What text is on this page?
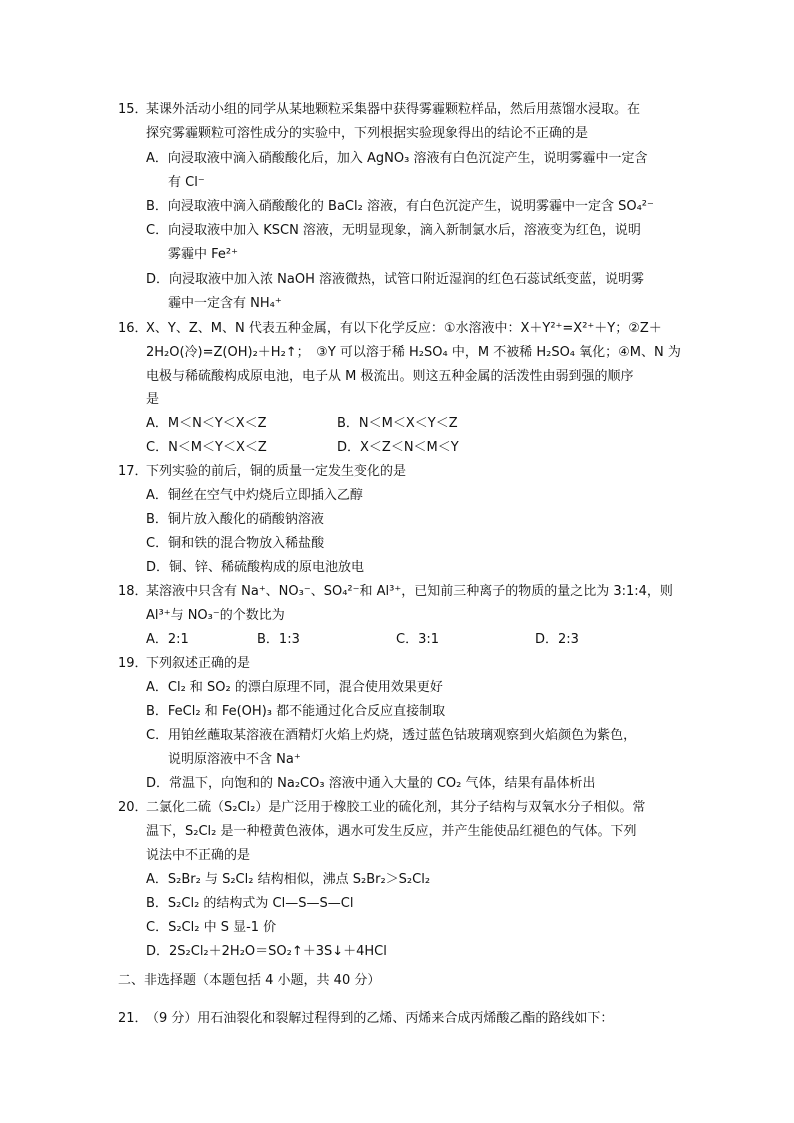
15．
某课外活动小组的同学从某地颗粒采集器中获得雾霾颗粒样品，然后用蒸馏水浸取。在
探究雾霾颗粒可溶性成分的实验中，下列根据实验现象得出的结论不正确的是
A．向浸取液中滴入硝酸酸化后，加入 AgNO₃ 溶液有白色沉淀产生，说明雾霾中一定含
有 Cl⁻
B．向浸取液中滴入硝酸酸化的 BaCl₂ 溶液，有白色沉淀产生，说明雾霾中一定含 SO₄²⁻
C．向浸取液中加入 KSCN 溶液，无明显现象，滴入新制氯水后，溶液变为红色，说明
雾霾中 Fe²⁺
D．向浸取液中加入浓 NaOH 溶液微热，试管口附近湿润的红色石蕊试纸变蓝，说明雾
霾中一定含有 NH₄⁺
16．
X、Y、Z、M、N 代表五种金属，有以下化学反应：①水溶液中：X＋Y²⁺=X²⁺＋Y；②Z＋
2H₂O(冷)=Z(OH)₂＋H₂↑；　③Y 可以溶于稀 H₂SO₄ 中，M 不被稀 H₂SO₄ 氧化；④M、N 为
电极与稀硫酸构成原电池，电子从 M 极流出。则这五种金属的活泼性由弱到强的顺序
是
A．M＜N＜Y＜X＜Z	B．N＜M＜X＜Y＜Z
C．N＜M＜Y＜X＜Z	D．X＜Z＜N＜M＜Y
17．
下列实验的前后，铜的质量一定发生变化的是
A．铜丝在空气中灼烧后立即插入乙醇
B．铜片放入酸化的硝酸钠溶液
C．铜和铁的混合物放入稀盐酸
D．铜、锌、稀硫酸构成的原电池放电
18．
某溶液中只含有 Na⁺、NO₃⁻、SO₄²⁻和 Al³⁺，已知前三种离子的物质的量之比为 3:1:4，则
Al³⁺与 NO₃⁻的个数比为
A．2:1	B．1:3	C．3:1	D．2:3
19．
下列叙述正确的是
A．Cl₂ 和 SO₂ 的漂白原理不同，混合使用效果更好
B．FeCl₂ 和 Fe(OH)₃ 都不能通过化合反应直接制取
C．用铂丝蘸取某溶液在酒精灯火焰上灼烧，透过蓝色钴玻璃观察到火焰颜色为紫色，
说明原溶液中不含 Na⁺
D．常温下，向饱和的 Na₂CO₃ 溶液中通入大量的 CO₂ 气体，结果有晶体析出
20．
二氯化二硫（S₂Cl₂）是广泛用于橡胶工业的硫化剂，其分子结构与双氧水分子相似。常
温下，S₂Cl₂ 是一种橙黄色液体，遇水可发生反应，并产生能使品红褪色的气体。下列
说法中不正确的是
A．S₂Br₂ 与 S₂Cl₂ 结构相似，沸点 S₂Br₂＞S₂Cl₂
B．S₂Cl₂ 的结构式为 Cl—S—S—Cl
C．S₂Cl₂ 中 S 显-1 价
D．2S₂Cl₂＋2H₂O＝SO₂↑＋3S↓＋4HCl
二、非选择题（本题包括 4 小题，共 40 分）
21．
（9 分）用石油裂化和裂解过程得到的乙烯、丙烯来合成丙烯酸乙酯的路线如下：
